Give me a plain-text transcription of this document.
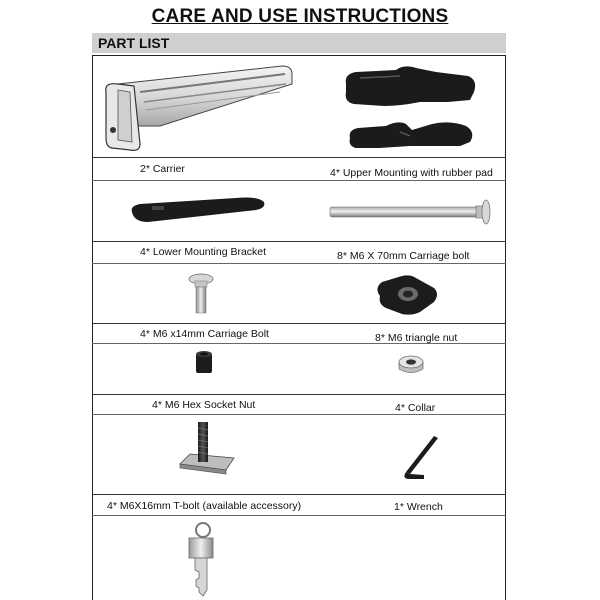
CARE AND USE INSTRUCTIONS
PART LIST
2* Carrier	4* Upper Mounting with rubber pad
4* Lower Mounting Bracket	8* M6 X 70mm Carriage bolt
4* M6 x14mm Carriage Bolt	8* M6 triangle nut
4* M6 Hex Socket Nut	4* Collar
4* M6X16mm T-bolt (available accessory)	1* Wrench
